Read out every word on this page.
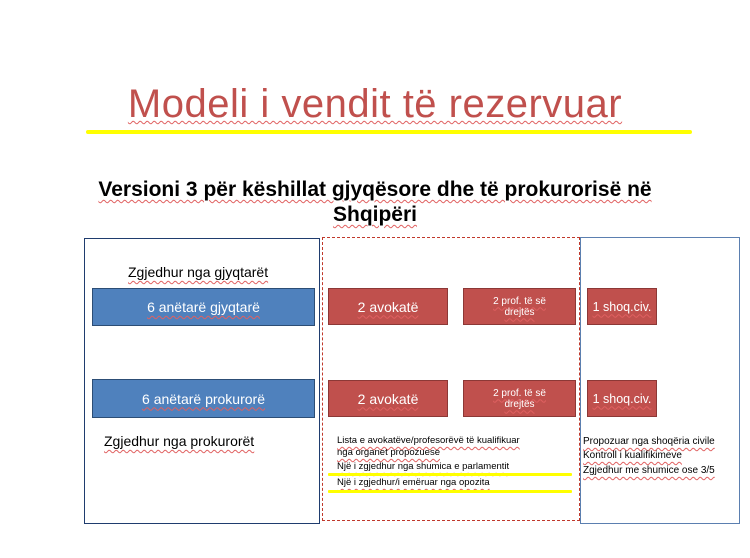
Modeli i vendit të rezervuar
Versioni 3 për këshillat gjyqësore dhe të prokurorisë në
Shqipëri
Zgjedhur nga gjyqtarët
6 anëtarë gjyqtarë
6 anëtarë prokurorë
Zgjedhur nga prokurorët
2 avokatë	2 prof. të së
drejtës
2 avokatë	2 prof. të së
drejtës
Lista e avokatëve/profesorëvë të kualifikuar
nga organet propozuese
Një i zgjedhur nga shumica e parlamentit
Një i zgjedhur/i emëruar nga opozita
1 shoq.civ.
1 shoq.civ.
Propozuar nga shoqëria civile
Kontroll i kualifikimeve
Zgjedhur me shumice ose 3/5
